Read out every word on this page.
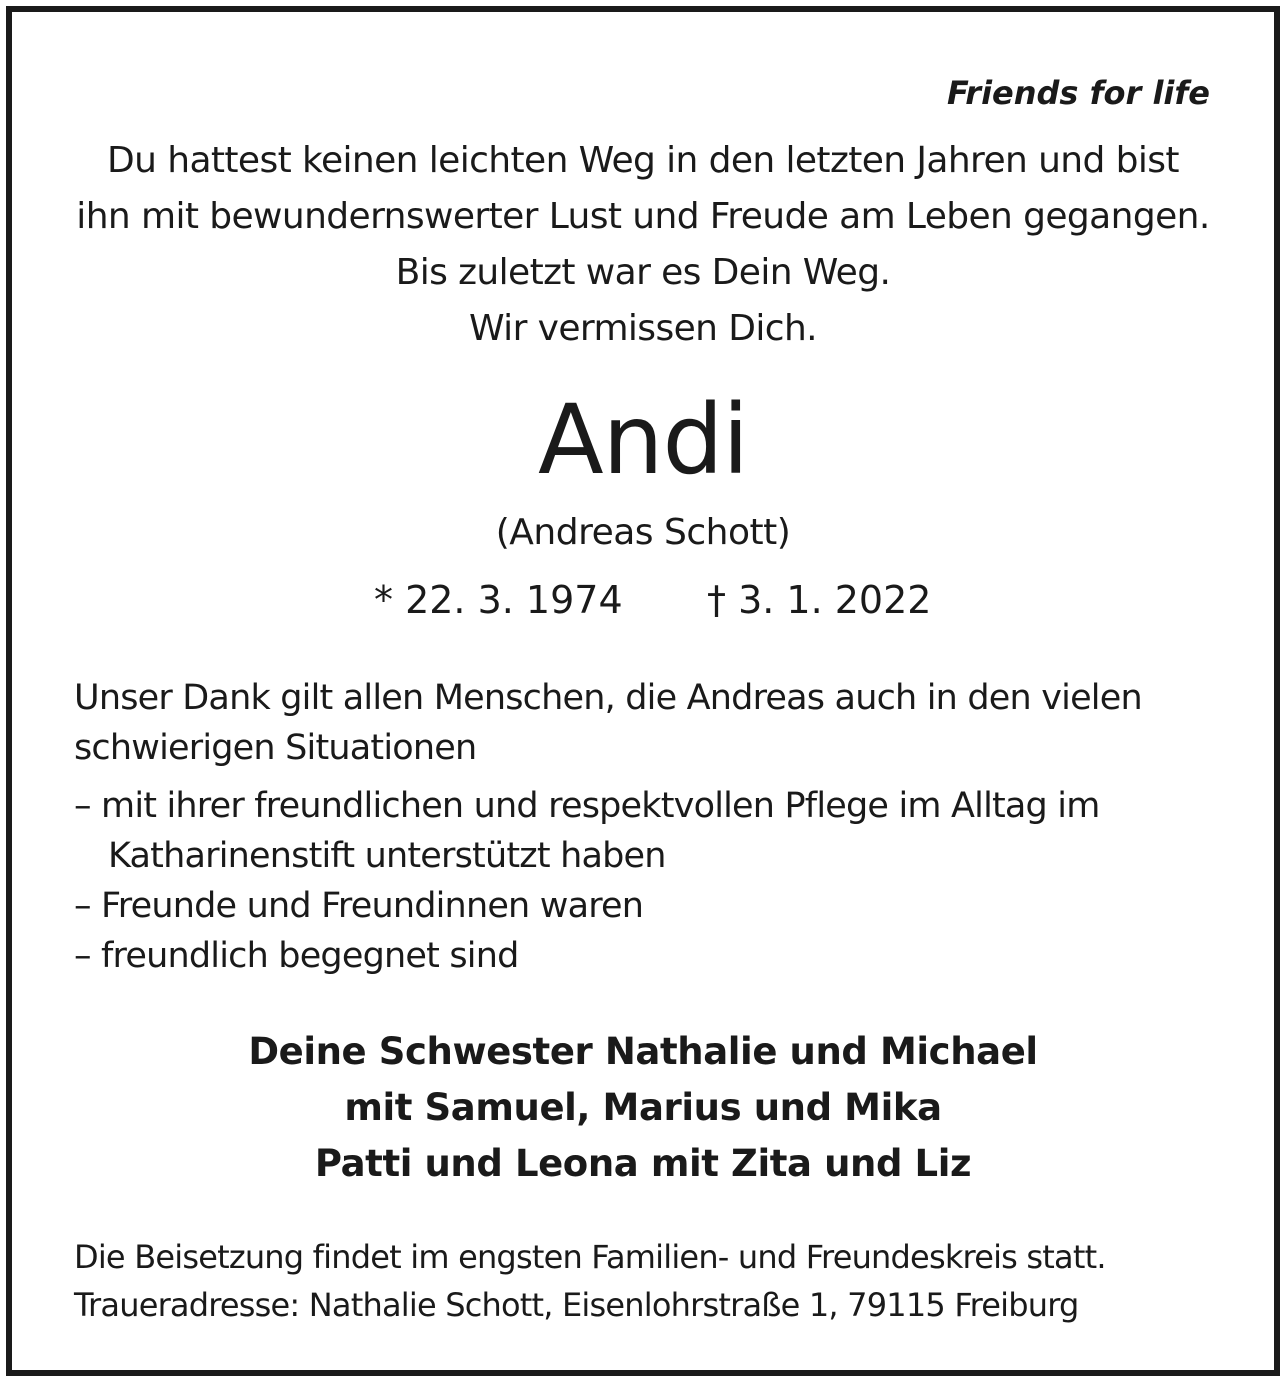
Friends for life
Du hattest keinen leichten Weg in den letzten Jahren und bist
ihn mit bewundernswerter Lust und Freude am Leben gegangen.
Bis zuletzt war es Dein Weg.
Wir vermissen Dich.
Andi
(Andreas Schott)
* 22. 3. 1974 † 3. 1. 2022
Unser Dank gilt allen Menschen, die Andreas auch in den vielen
schwierigen Situationen
– mit ihrer freundlichen und respektvollen Pflege im Alltag im
Katharinenstift unterstützt haben
– Freunde und Freundinnen waren
– freundlich begegnet sind
Deine Schwester Nathalie und Michael
mit Samuel, Marius und Mika
Patti und Leona mit Zita und Liz
Die Beisetzung findet im engsten Familien- und Freundeskreis statt.
Traueradresse: Nathalie Schott, Eisenlohrstraße 1, 79115 Freiburg
